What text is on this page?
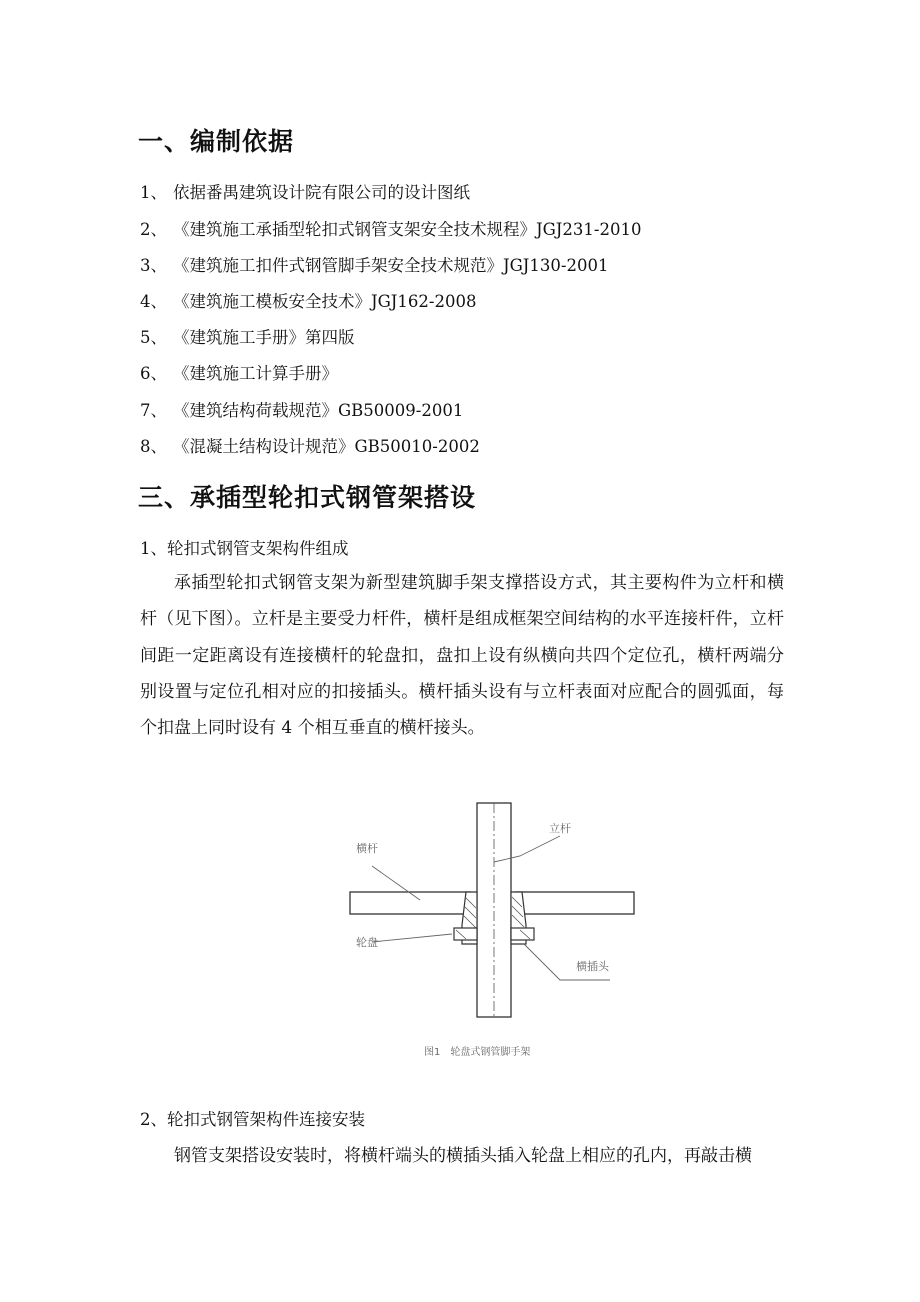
一、编制依据
1、 依据番禺建筑设计院有限公司的设计图纸
2、 《建筑施工承插型轮扣式钢管支架安全技术规程》JGJ231-2010
3、 《建筑施工扣件式钢管脚手架安全技术规范》JGJ130-2001
4、 《建筑施工模板安全技术》JGJ162-2008
5、 《建筑施工手册》第四版
6、 《建筑施工计算手册》
7、 《建筑结构荷载规范》GB50009-2001
8、 《混凝土结构设计规范》GB50010-2002
三、承插型轮扣式钢管架搭设
1、轮扣式钢管支架构件组成
承插型轮扣式钢管支架为新型建筑脚手架支撑搭设方式，其主要构件为立杆和横杆（见下图）。立杆是主要受力杆件，横杆是组成框架空间结构的水平连接杆件，立杆间距一定距离设有连接横杆的轮盘扣，盘扣上设有纵横向共四个定位孔，横杆两端分别设置与定位孔相对应的扣接插头。横杆插头设有与立杆表面对应配合的圆弧面，每个扣盘上同时设有 4 个相互垂直的横杆接头。
立杆
横杆
轮盘
横插头
图1　轮盘式钢管脚手架
2、轮扣式钢管架构件连接安装
钢管支架搭设安装时，将横杆端头的横插头插入轮盘上相应的孔内，再敲击横
